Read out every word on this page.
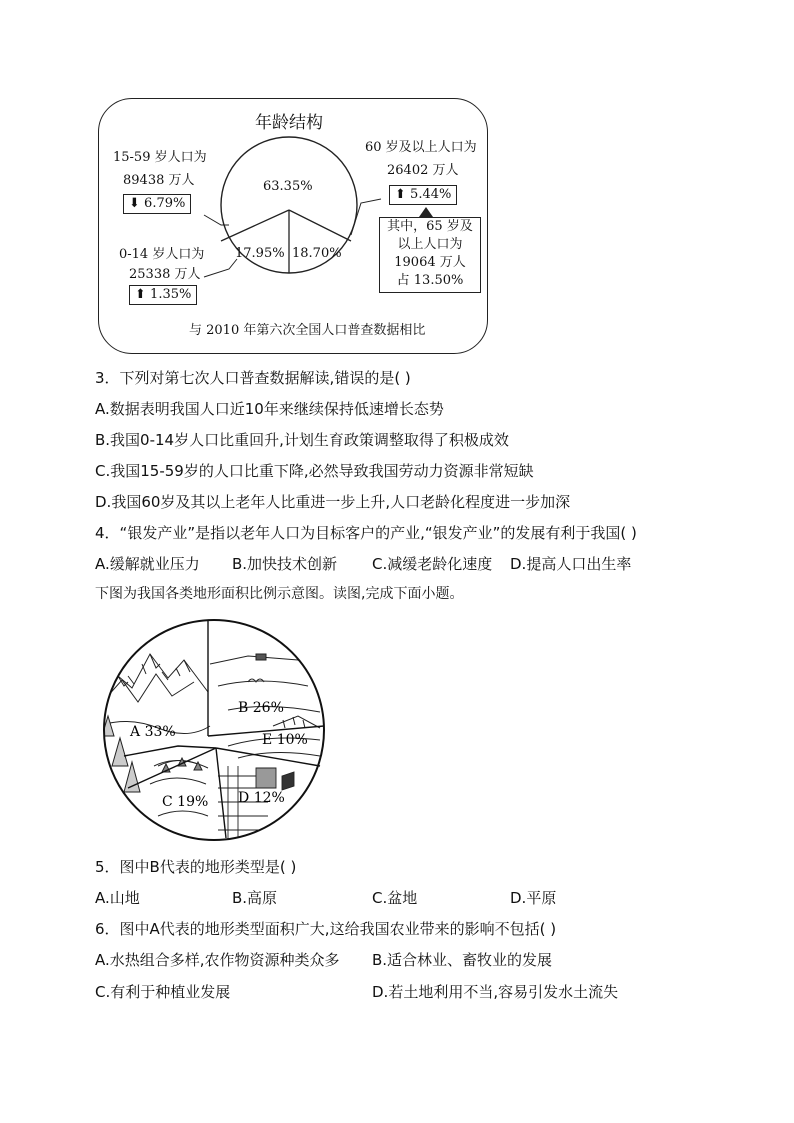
年龄结构
63.35%
17.95% 18.70%
15-59 岁人口为
89438 万人
⬇ 6.79%
0-14 岁人口为
25338 万人
⬆ 1.35%
60 岁及以上人口为
26402 万人
⬆ 5.44%
其中，65 岁及
以上人口为
19064 万人
占 13.50%
与 2010 年第六次全国人口普查数据相比
3．下列对第七次人口普查数据解读,错误的是( )
A.数据表明我国人口近10年来继续保持低速增长态势
B.我国0-14岁人口比重回升,计划生育政策调整取得了积极成效
C.我国15-59岁的人口比重下降,必然导致我国劳动力资源非常短缺
D.我国60岁及其以上老年人比重进一步上升,人口老龄化程度进一步加深
4．“银发产业”是指以老年人口为目标客户的产业,“银发产业”的发展有利于我国( )
A.缓解就业压力 B.加快技术创新 C.减缓老龄化速度 D.提高人口出生率
下图为我国各类地形面积比例示意图。读图,完成下面小题。
A 33%
B 26%
E 10%
D 12%
C 19%
5．图中B代表的地形类型是( )
A.山地	B.高原	C.盆地	D.平原
6．图中A代表的地形类型面积广大,这给我国农业带来的影响不包括( )
A.水热组合多样,农作物资源种类众多 B.适合林业、畜牧业的发展
C.有利于种植业发展	D.若土地利用不当,容易引发水土流失
